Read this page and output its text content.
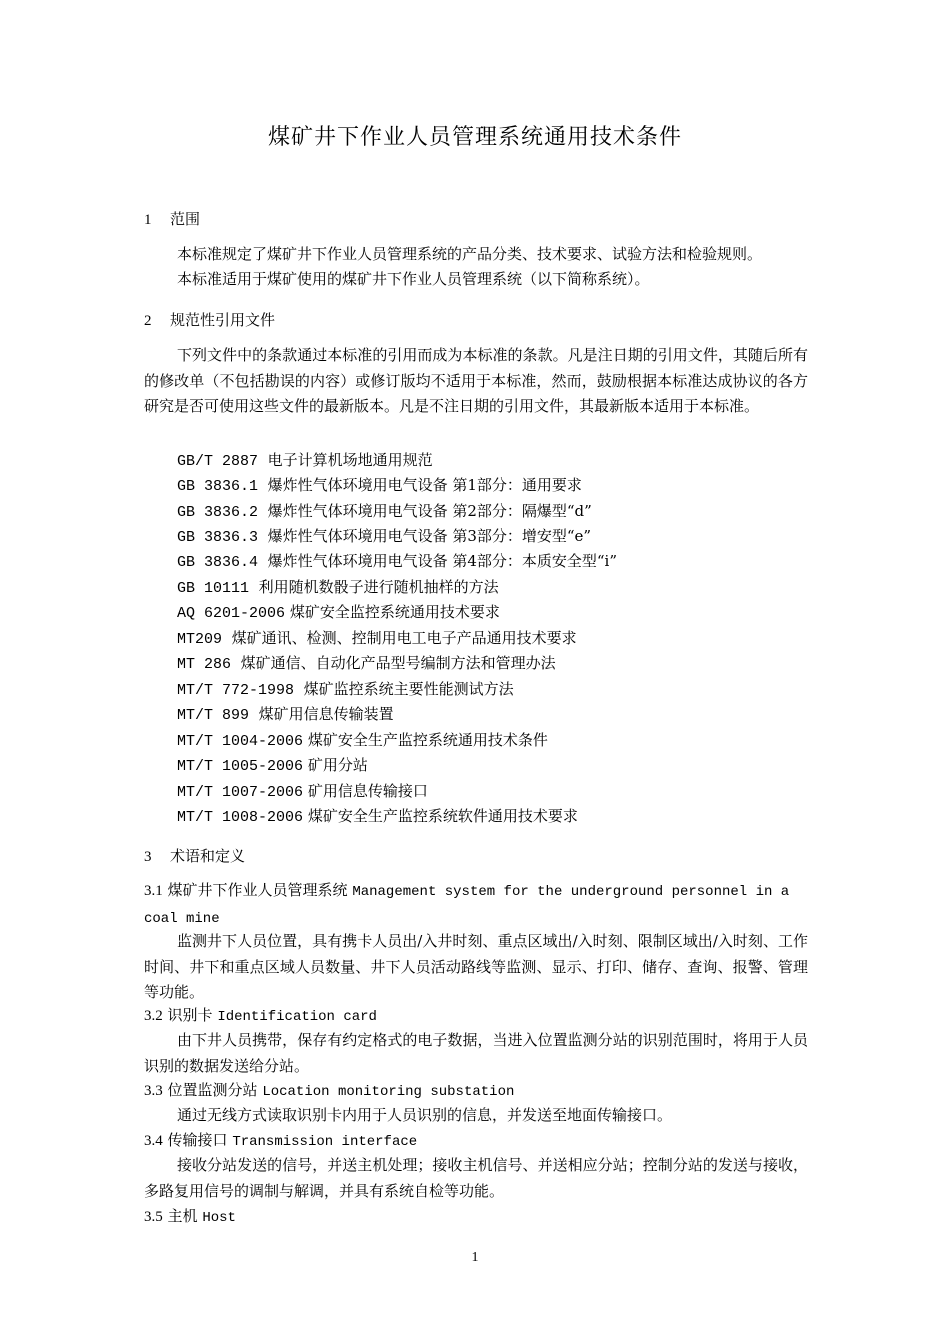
煤矿井下作业人员管理系统通用技术条件
1 范围
本标准规定了煤矿井下作业人员管理系统的产品分类、技术要求、试验方法和检验规则。
本标准适用于煤矿使用的煤矿井下作业人员管理系统（以下简称系统）。
2 规范性引用文件
下列文件中的条款通过本标准的引用而成为本标准的条款。凡是注日期的引用文件，其随后所有的修改单（不包括勘误的内容）或修订版均不适用于本标准，然而，鼓励根据本标准达成协议的各方研究是否可使用这些文件的最新版本。凡是不注日期的引用文件，其最新版本适用于本标准。
GB/T 2887 电子计算机场地通用规范
GB 3836.1 爆炸性气体环境用电气设备 第1部分：通用要求
GB 3836.2 爆炸性气体环境用电气设备 第2部分：隔爆型“d”
GB 3836.3 爆炸性气体环境用电气设备 第3部分：增安型“e”
GB 3836.4 爆炸性气体环境用电气设备 第4部分：本质安全型“i”
GB 10111 利用随机数骰子进行随机抽样的方法
AQ 6201-2006 煤矿安全监控系统通用技术要求
MT209 煤矿通讯、检测、控制用电工电子产品通用技术要求
MT 286 煤矿通信、自动化产品型号编制方法和管理办法
MT/T 772-1998 煤矿监控系统主要性能测试方法
MT/T 899 煤矿用信息传输装置
MT/T 1004-2006 煤矿安全生产监控系统通用技术条件
MT/T 1005-2006 矿用分站
MT/T 1007-2006 矿用信息传输接口
MT/T 1008-2006 煤矿安全生产监控系统软件通用技术要求
3 术语和定义
3.1 煤矿井下作业人员管理系统 Management system for the underground personnel in a coal mine
监测井下人员位置，具有携卡人员出/入井时刻、重点区域出/入时刻、限制区域出/入时刻、工作时间、井下和重点区域人员数量、井下人员活动路线等监测、显示、打印、储存、查询、报警、管理等功能。
3.2 识别卡 Identification card
由下井人员携带，保存有约定格式的电子数据，当进入位置监测分站的识别范围时，将用于人员识别的数据发送给分站。
3.3 位置监测分站 Location monitoring substation
通过无线方式读取识别卡内用于人员识别的信息，并发送至地面传输接口。
3.4 传输接口 Transmission interface
接收分站发送的信号，并送主机处理；接收主机信号、并送相应分站；控制分站的发送与接收，多路复用信号的调制与解调，并具有系统自检等功能。
3.5 主机 Host
1
